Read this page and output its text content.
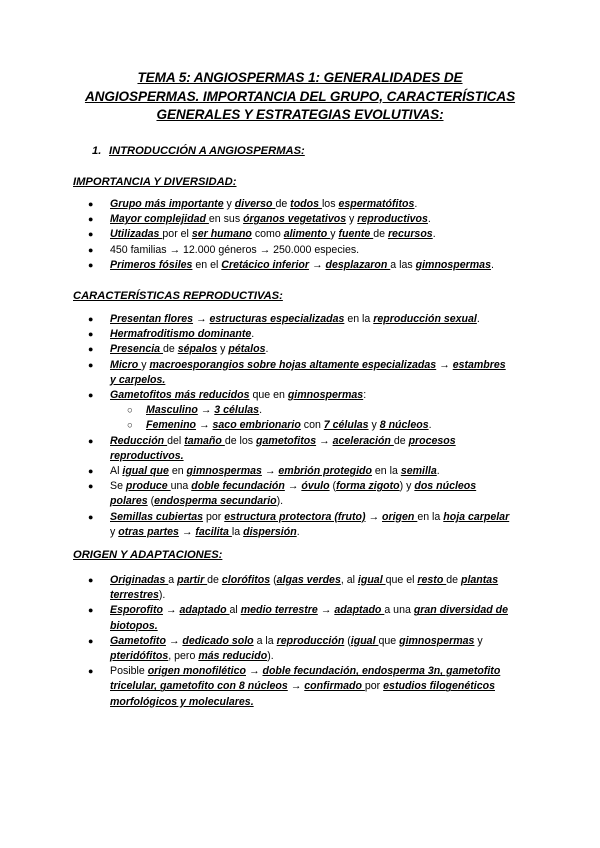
TEMA 5: ANGIOSPERMAS 1: GENERALIDADES DE
ANGIOSPERMAS. IMPORTANCIA DEL GRUPO, CARACTERÍSTICAS
GENERALES Y ESTRATEGIAS EVOLUTIVAS:
1. INTRODUCCIÓN A ANGIOSPERMAS:
IMPORTANCIA Y DIVERSIDAD:
● Grupo más importante y diverso de todos los espermatófitos.
● Mayor complejidad en sus órganos vegetativos y reproductivos.
● Utilizadas por el ser humano como alimento y fuente de recursos.
● 450 familias → 12.000 géneros → 250.000 especies.
● Primeros fósiles en el Cretácico inferior → desplazaron a las gimnospermas.
CARACTERÍSTICAS REPRODUCTIVAS:
● Presentan flores → estructuras especializadas en la reproducción sexual.
● Hermafroditismo dominante.
● Presencia de sépalos y pétalos.
● Micro y macroesporangios sobre hojas altamente especializadas → estambres
y carpelos.
● Gametofitos más reducidos que en gimnospermas:
○ Masculino → 3 células.
○ Femenino → saco embrionario con 7 células y 8 núcleos.
● Reducción del tamaño de los gametofitos → aceleración de procesos
reproductivos.
● Al igual que en gimnospermas → embrión protegido en la semilla.
● Se produce una doble fecundación → óvulo (forma zigoto) y dos núcleos
polares (endosperma secundario).
● Semillas cubiertas por estructura protectora (fruto) → origen en la hoja carpelar
y otras partes → facilita la dispersión.
ORIGEN Y ADAPTACIONES:
● Originadas a partir de clorófitos (algas verdes, al igual que el resto de plantas
terrestres).
● Esporofito → adaptado al medio terrestre → adaptado a una gran diversidad de
biotopos.
● Gametofito → dedicado solo a la reproducción (igual que gimnospermas y
pteridófitos, pero más reducido).
● Posible origen monofilético → doble fecundación, endosperma 3n, gametofito
tricelular, gametofito con 8 núcleos → confirmado por estudios filogenéticos
morfológicos y moleculares.
